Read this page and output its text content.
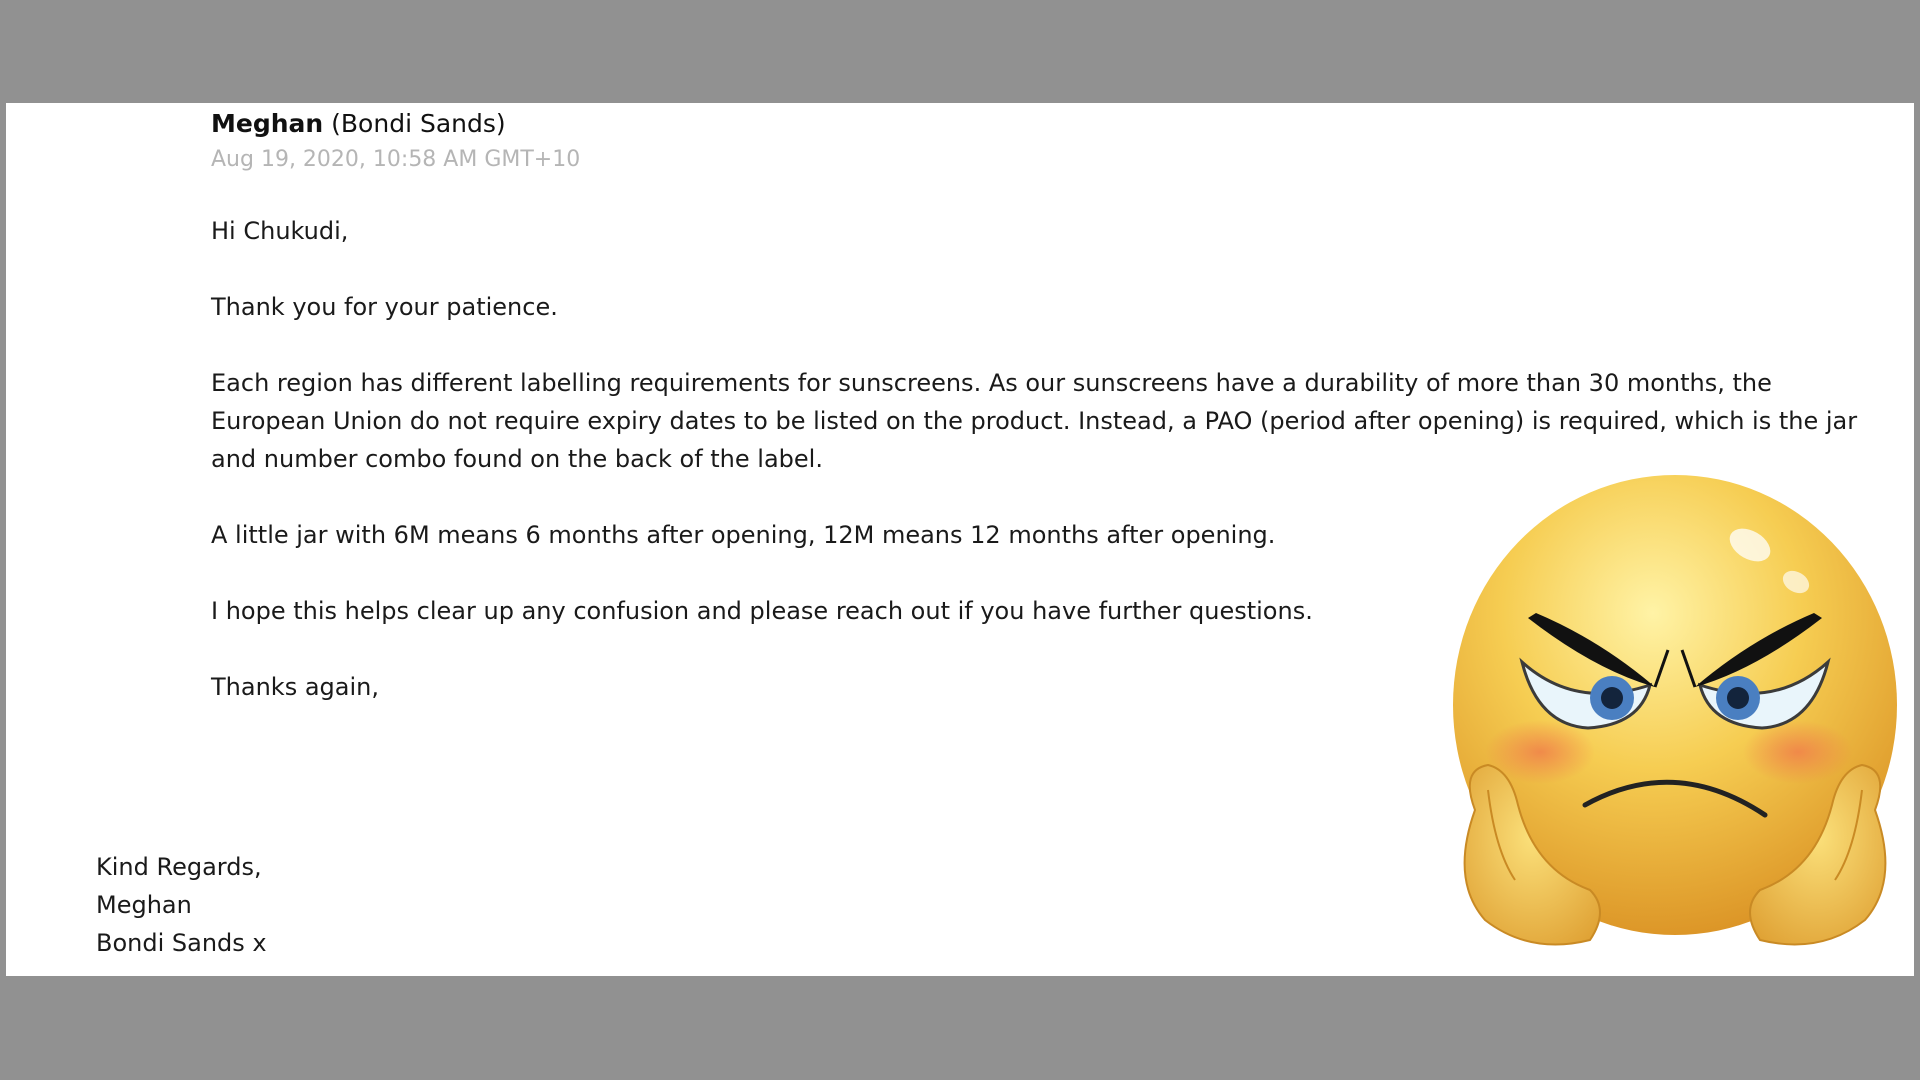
Meghan (Bondi Sands)
Aug 19, 2020, 10:58 AM GMT+10

Hi Chukudi,

Thank you for your patience.

Each region has different labelling requirements for sunscreens. As our sunscreens have a durability of more than 30 months, the European Union do not require expiry dates to be listed on the product. Instead, a PAO (period after opening) is required, which is the jar and number combo found on the back of the label.

A little jar with 6M means 6 months after opening, 12M means 12 months after opening.

I hope this helps clear up any confusion and please reach out if you have further questions.

Thanks again,

Kind Regards,
Meghan
Bondi Sands x
